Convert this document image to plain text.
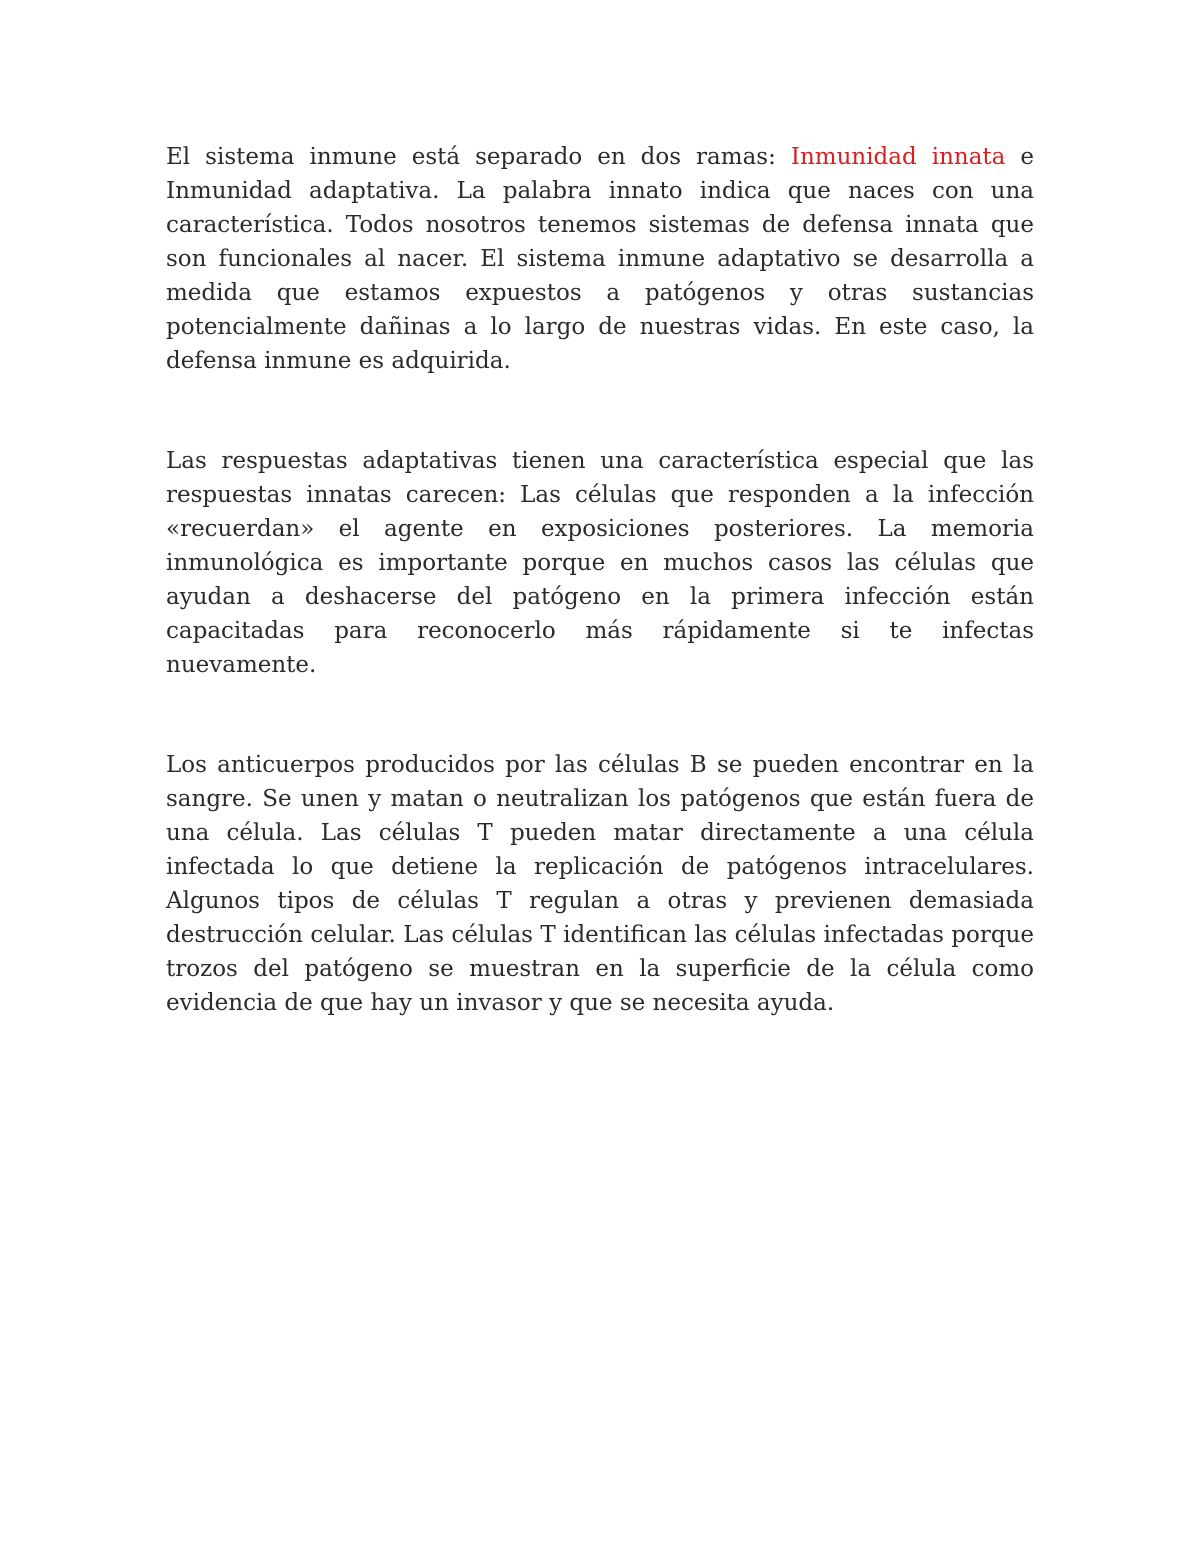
El sistema inmune está separado en dos ramas: Inmunidad innata e Inmunidad adaptativa. La palabra innato indica que naces con una característica. Todos nosotros tenemos sistemas de defensa innata que son funcionales al nacer. El sistema inmune adaptativo se desarrolla a medida que estamos expuestos a patógenos y otras sustancias potencialmente dañinas a lo largo de nuestras vidas. En este caso, la defensa inmune es adquirida.

Las respuestas adaptativas tienen una característica especial que las respuestas innatas carecen: Las células que responden a la infección «recuerdan» el agente en exposiciones posteriores. La memoria inmunológica es importante porque en muchos casos las células que ayudan a deshacerse del patógeno en la primera infección están capacitadas para reconocerlo más rápidamente si te infectas nuevamente.

Los anticuerpos producidos por las células B se pueden encontrar en la sangre. Se unen y matan o neutralizan los patógenos que están fuera de una célula. Las células T pueden matar directamente a una célula infectada lo que detiene la replicación de patógenos intracelulares. Algunos tipos de células T regulan a otras y previenen demasiada destrucción celular. Las células T identifican las células infectadas porque trozos del patógeno se muestran en la superficie de la célula como evidencia de que hay un invasor y que se necesita ayuda.
